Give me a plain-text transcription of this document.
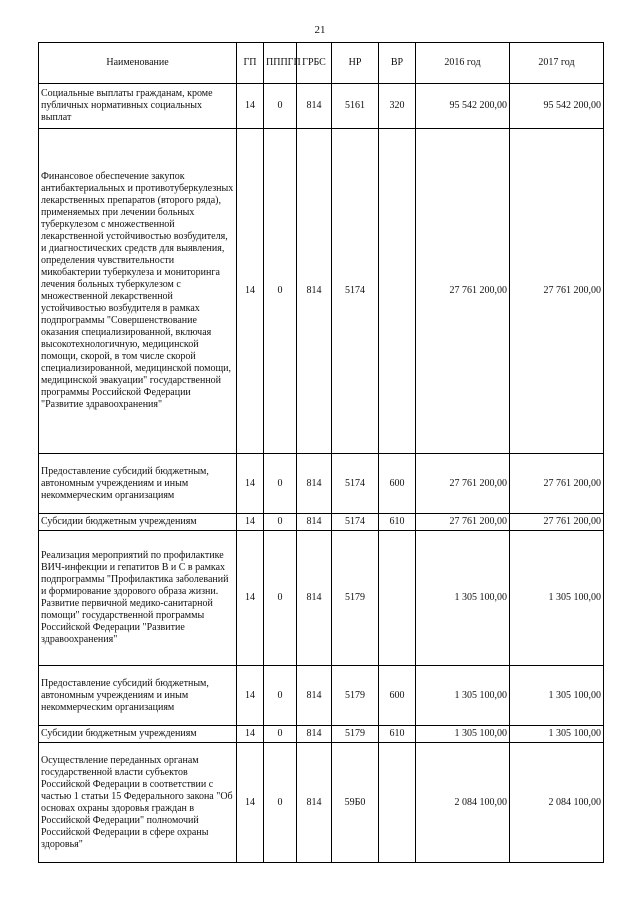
21
Наименование	ГП	ПППГП	ГРБС	НР	ВР	2016 год	2017 год
Социальные выплаты гражданам, кроме публичных нормативных социальных выплат	14	0	814	5161	320	95 542 200,00	95 542 200,00
Финансовое обеспечение закупок антибактериальных и противотуберкулезных лекарственных препаратов (второго ряда), применяемых при лечении больных туберкулезом с множественной лекарственной устойчивостью возбудителя, и диагностических средств для выявления, определения чувствительности микобактерии туберкулеза и мониторинга лечения больных туберкулезом с множественной лекарственной устойчивостью возбудителя в рамках подпрограммы "Совершенствование оказания специализированной, включая высокотехнологичную, медицинской помощи, скорой, в том числе скорой специализированной, медицинской помощи, медицинской эвакуации" государственной программы Российской Федерации "Развитие здравоохранения"	14	0	814	5174		27 761 200,00	27 761 200,00
Предоставление субсидий бюджетным, автономным учреждениям и иным некоммерческим организациям	14	0	814	5174	600	27 761 200,00	27 761 200,00
Субсидии бюджетным учреждениям	14	0	814	5174	610	27 761 200,00	27 761 200,00
Реализация мероприятий по профилактике ВИЧ-инфекции и гепатитов В и С в рамках подпрограммы "Профилактика заболеваний и формирование здорового образа жизни. Развитие первичной медико-санитарной помощи" государственной программы Российской Федерации "Развитие здравоохранения"	14	0	814	5179		1 305 100,00	1 305 100,00
Предоставление субсидий бюджетным, автономным учреждениям и иным некоммерческим организациям	14	0	814	5179	600	1 305 100,00	1 305 100,00
Субсидии бюджетным учреждениям	14	0	814	5179	610	1 305 100,00	1 305 100,00
Осуществление переданных органам государственной власти субъектов Российской Федерации в соответствии с частью 1 статьи 15 Федерального закона "Об основах охраны здоровья граждан в Российской Федерации" полномочий Российской Федерации в сфере охраны здоровья"	14	0	814	59Б0		2 084 100,00	2 084 100,00
